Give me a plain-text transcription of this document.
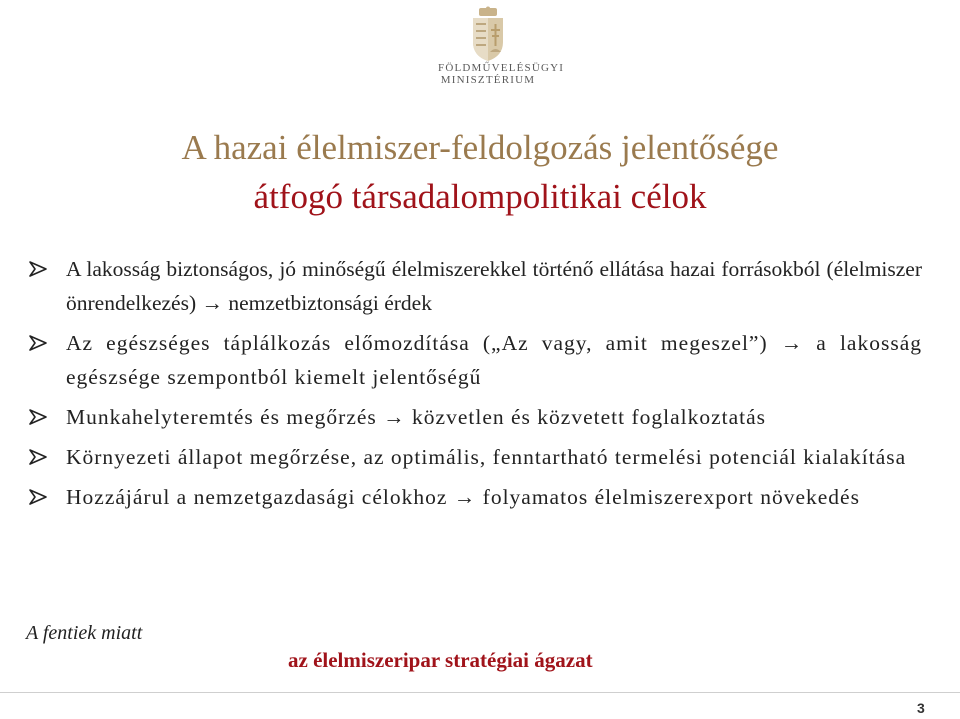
FÖLDMŰVELÉSÜGYI
MINISZTÉRIUM
A hazai élelmiszer-feldolgozás jelentősége
átfogó társadalompolitikai célok
A lakosság biztonságos, jó minőségű élelmiszerekkel történő ellátása hazai forrásokból (élelmiszer önrendelkezés) → nemzetbiztonsági érdek
Az egészséges táplálkozás előmozdítása („Az vagy, amit megeszel”) → a lakosság egészsége szempontból kiemelt jelentőségű
Munkahelyteremtés és megőrzés → közvetlen és közvetett foglalkoztatás
Környezeti állapot megőrzése, az optimális, fenntartható termelési potenciál kialakítása
Hozzájárul a nemzetgazdasági célokhoz → folyamatos élelmiszerexport növekedés
A fentiek miatt
az élelmiszeripar stratégiai ágazat
3
